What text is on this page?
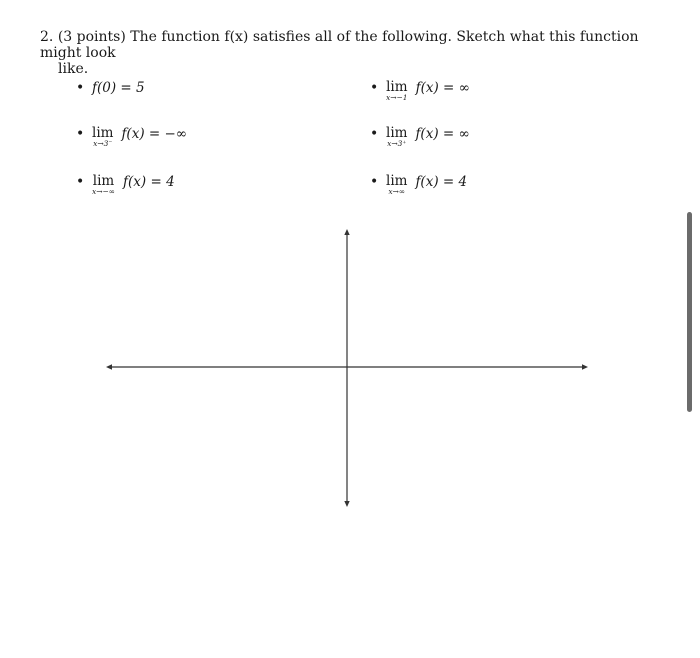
2. (3 points) The function f(x) satisfies all of the following. Sketch what this function might look
like.
• f(0) = 5	• lim
x→−1
f(x) = ∞
• lim
x→3⁻
f(x) = −∞	• lim
x→3⁺
f(x) = ∞
• lim
x→−∞
f(x) = 4	• lim
x→∞
f(x) = 4
